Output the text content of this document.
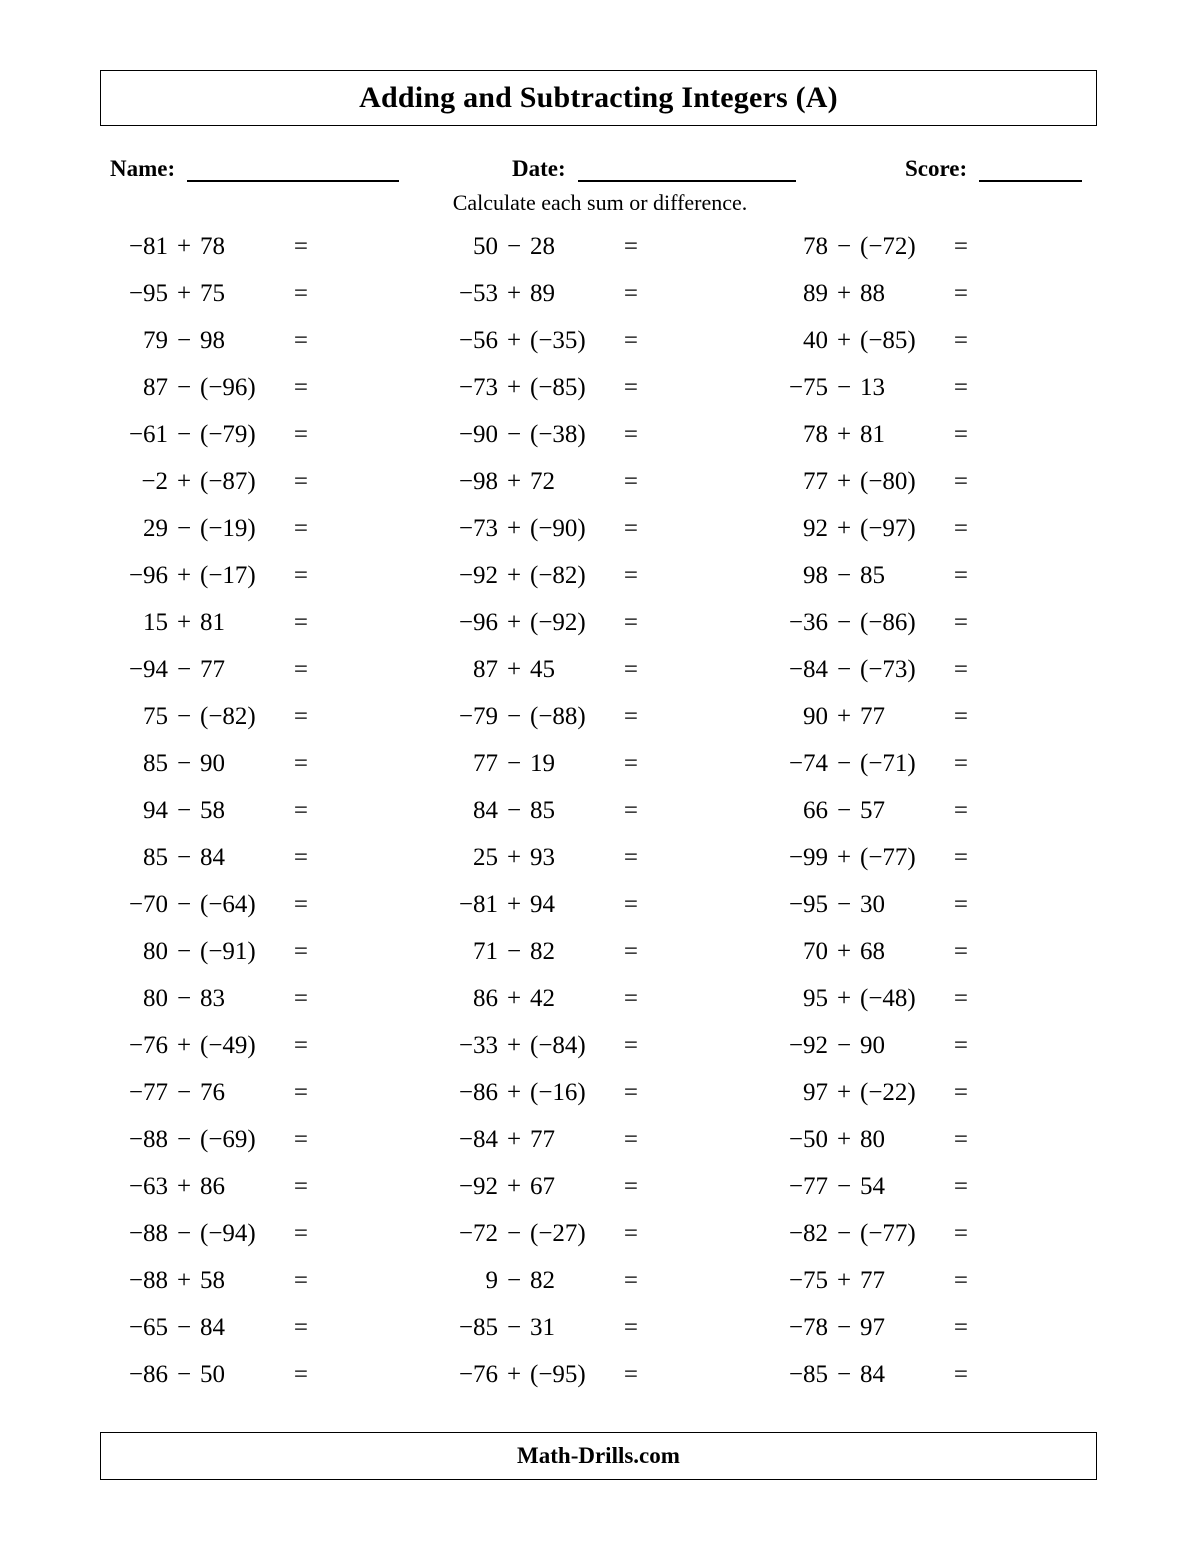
Adding and Subtracting Integers (A)
Name:	Date:	Score:
Calculate each sum or difference.
−81 + 78	=
−95 + 75	=
79 − 98	=
87 − (−96)	=
−61 − (−79)	=
−2 + (−87)	=
29 − (−19)	=
−96 + (−17)	=
15 + 81	=
−94 − 77	=
75 − (−82)	=
85 − 90	=
94 − 58	=
85 − 84	=
−70 − (−64)	=
80 − (−91)	=
80 − 83	=
−76 + (−49)	=
−77 − 76	=
−88 − (−69)	=
−63 + 86	=
−88 − (−94)	=
−88 + 58	=
−65 − 84	=
−86 − 50	=
50 − 28	=
−53 + 89	=
−56 + (−35)	=
−73 + (−85)	=
−90 − (−38)	=
−98 + 72	=
−73 + (−90)	=
−92 + (−82)	=
−96 + (−92)	=
87 + 45	=
−79 − (−88)	=
77 − 19	=
84 − 85	=
25 + 93	=
−81 + 94	=
71 − 82	=
86 + 42	=
−33 + (−84)	=
−86 + (−16)	=
−84 + 77	=
−92 + 67	=
−72 − (−27)	=
9 − 82	=
−85 − 31	=
−76 + (−95)	=
78 − (−72)	=
89 + 88	=
40 + (−85)	=
−75 − 13	=
78 + 81	=
77 + (−80)	=
92 + (−97)	=
98 − 85	=
−36 − (−86)	=
−84 − (−73)	=
90 + 77	=
−74 − (−71)	=
66 − 57	=
−99 + (−77)	=
−95 − 30	=
70 + 68	=
95 + (−48)	=
−92 − 90	=
97 + (−22)	=
−50 + 80	=
−77 − 54	=
−82 − (−77)	=
−75 + 77	=
−78 − 97	=
−85 − 84	=
Math-Drills.com
